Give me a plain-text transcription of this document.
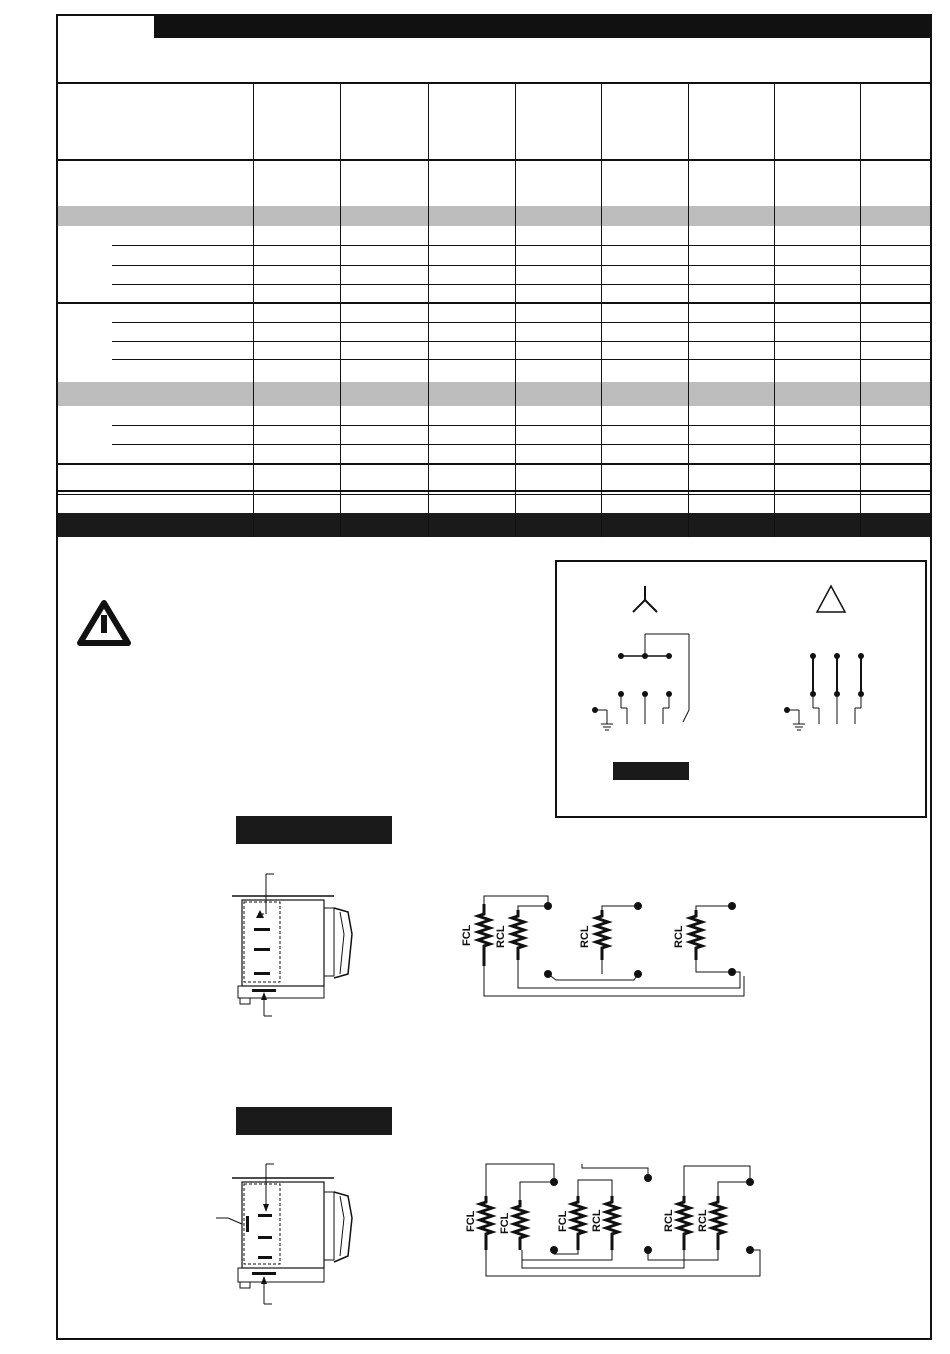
FCL RCL	RCL	RCL
FCL FCL	FCL RCL	RCL RCL
